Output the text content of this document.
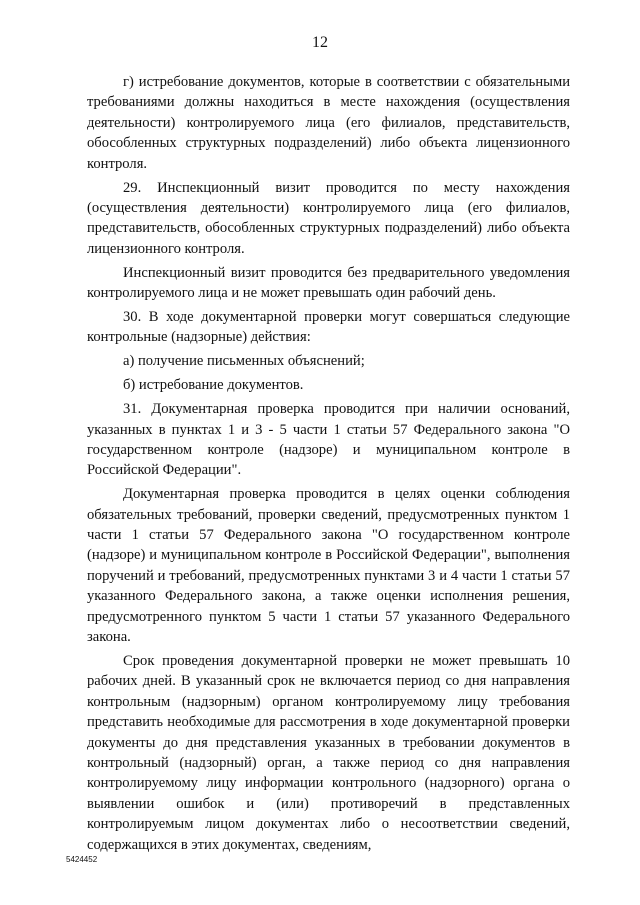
12

г) истребование документов, которые в соответствии с обязательными требованиями должны находиться в месте нахождения (осуществления деятельности) контролируемого лица (его филиалов, представительств, обособленных структурных подразделений) либо объекта лицензионного контроля.

29. Инспекционный визит проводится по месту нахождения (осуществления деятельности) контролируемого лица (его филиалов, представительств, обособленных структурных подразделений) либо объекта лицензионного контроля.

Инспекционный визит проводится без предварительного уведомления контролируемого лица и не может превышать один рабочий день.

30. В ходе документарной проверки могут совершаться следующие контрольные (надзорные) действия:

а) получение письменных объяснений;

б) истребование документов.

31. Документарная проверка проводится при наличии оснований, указанных в пунктах 1 и 3 - 5 части 1 статьи 57 Федерального закона "О государственном контроле (надзоре) и муниципальном контроле в Российской Федерации".

Документарная проверка проводится в целях оценки соблюдения обязательных требований, проверки сведений, предусмотренных пунктом 1 части 1 статьи 57 Федерального закона "О государственном контроле (надзоре) и муниципальном контроле в Российской Федерации", выполнения поручений и требований, предусмотренных пунктами 3 и 4 части 1 статьи 57 указанного Федерального закона, а также оценки исполнения решения, предусмотренного пунктом 5 части 1 статьи 57 указанного Федерального закона.

Срок проведения документарной проверки не может превышать 10 рабочих дней. В указанный срок не включается период со дня направления контрольным (надзорным) органом контролируемому лицу требования представить необходимые для рассмотрения в ходе документарной проверки документы до дня представления указанных в требовании документов в контрольный (надзорный) орган, а также период со дня направления контролируемому лицу информации контрольного (надзорного) органа о выявлении ошибок и (или) противоречий в представленных контролируемым лицом документах либо о несоответствии сведений, содержащихся в этих документах, сведениям,

5424452
